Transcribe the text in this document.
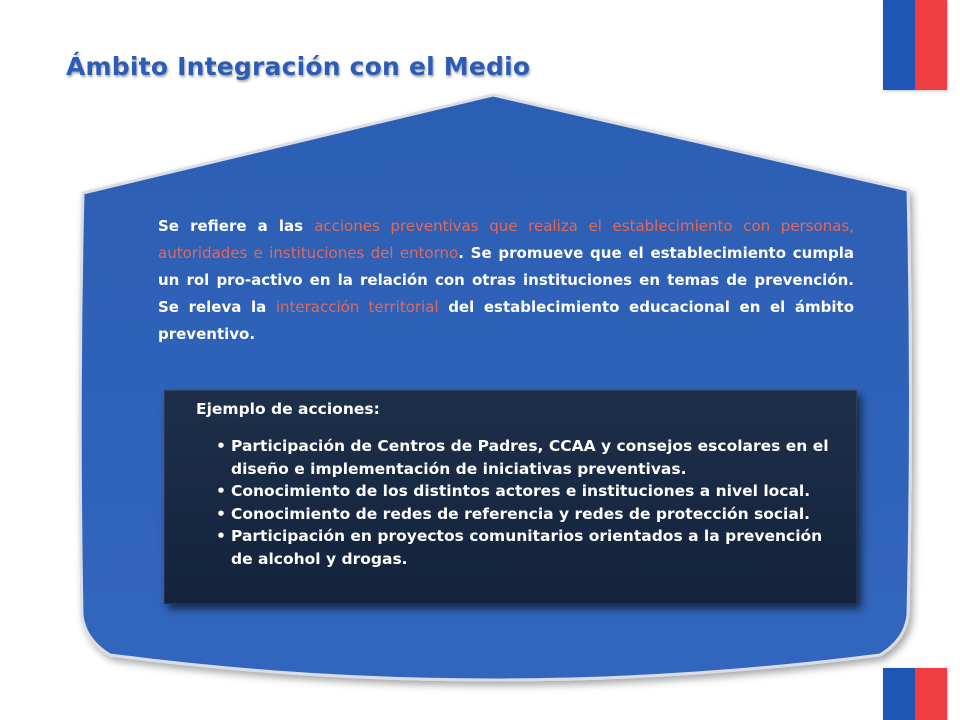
Ámbito Integración con el Medio

Se refiere a las acciones preventivas que realiza el establecimiento con personas, autoridades e instituciones del entorno. Se promueve que el establecimiento cumpla un rol pro-activo en la relación con otras instituciones en temas de prevención. Se releva la interacción territorial del establecimiento educacional en el ámbito preventivo.

Ejemplo de acciones:

• Participación de Centros de Padres, CCAA y consejos escolares en el diseño e implementación de iniciativas preventivas.
• Conocimiento de los distintos actores e instituciones a nivel local.
• Conocimiento de redes de referencia y redes de protección social.
• Participación en proyectos comunitarios orientados a la prevención de alcohol y drogas.
